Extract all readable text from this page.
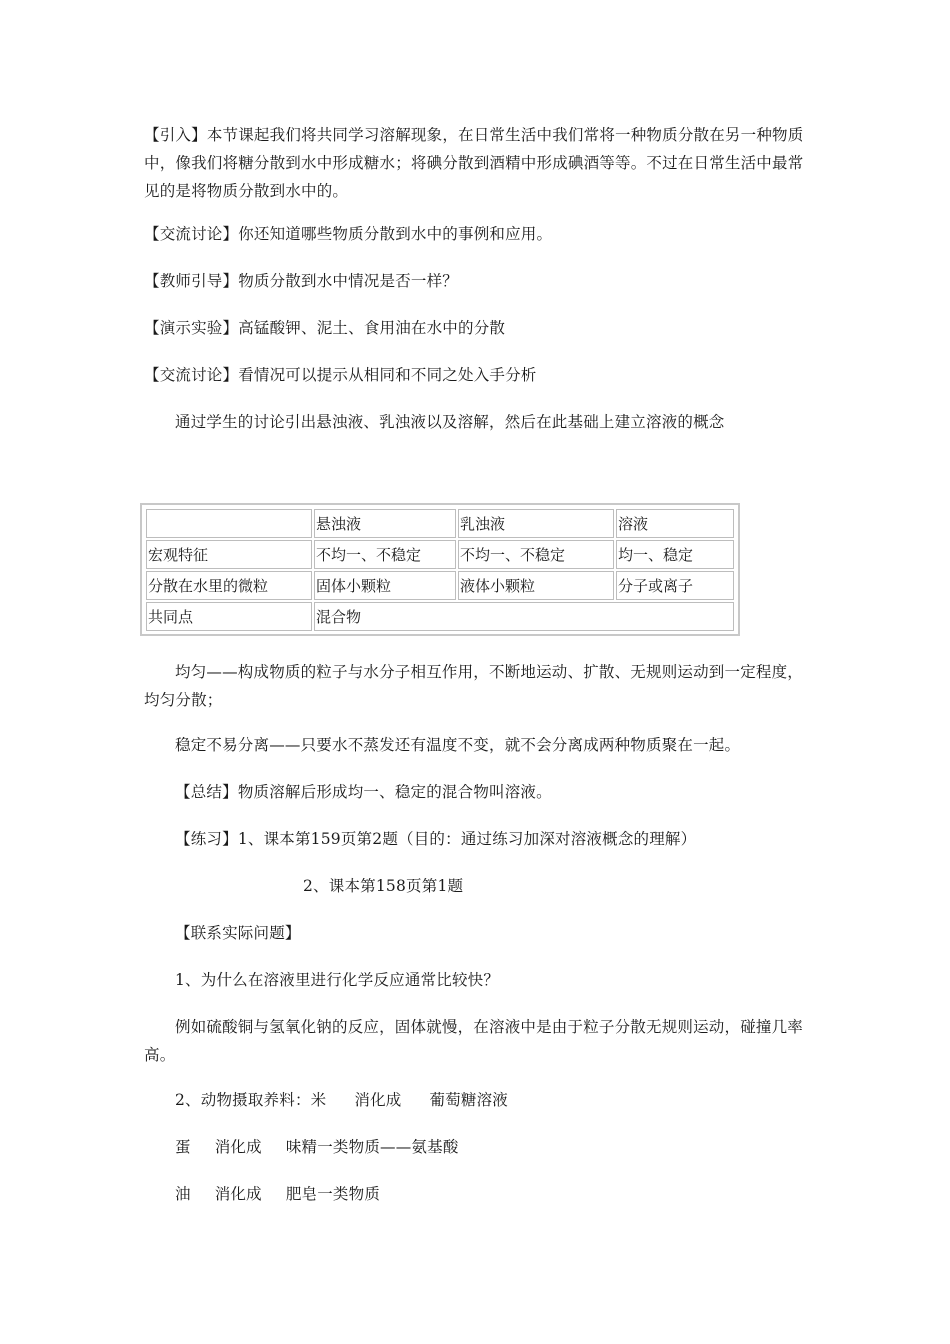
【引入】本节课起我们将共同学习溶解现象，在日常生活中我们常将一种物质分散在另一种物质中，像我们将糖分散到水中形成糖水；将碘分散到酒精中形成碘酒等等。不过在日常生活中最常见的是将物质分散到水中的。

【交流讨论】你还知道哪些物质分散到水中的事例和应用。

【教师引导】物质分散到水中情况是否一样？

【演示实验】高锰酸钾、泥土、食用油在水中的分散

【交流讨论】看情况可以提示从相同和不同之处入手分析

通过学生的讨论引出悬浊液、乳浊液以及溶解，然后在此基础上建立溶液的概念

	悬浊液	乳浊液	溶液
宏观特征	不均一、不稳定	不均一、不稳定	均一、稳定
分散在水里的微粒	固体小颗粒	液体小颗粒	分子或离子
共同点	混合物		

均匀——构成物质的粒子与水分子相互作用，不断地运动、扩散、无规则运动到一定程度，均匀分散；

稳定不易分离——只要水不蒸发还有温度不变，就不会分离成两种物质聚在一起。

【总结】物质溶解后形成均一、稳定的混合物叫溶液。

【练习】1、课本第159页第2题（目的：通过练习加深对溶液概念的理解）

2、课本第158页第1题

【联系实际问题】

1、为什么在溶液里进行化学反应通常比较快？

例如硫酸铜与氢氧化钠的反应，固体就慢，在溶液中是由于粒子分散无规则运动，碰撞几率高。

2、动物摄取养料：米 消化成 葡萄糖溶液

蛋 消化成 味精一类物质——氨基酸

油 消化成 肥皂一类物质
